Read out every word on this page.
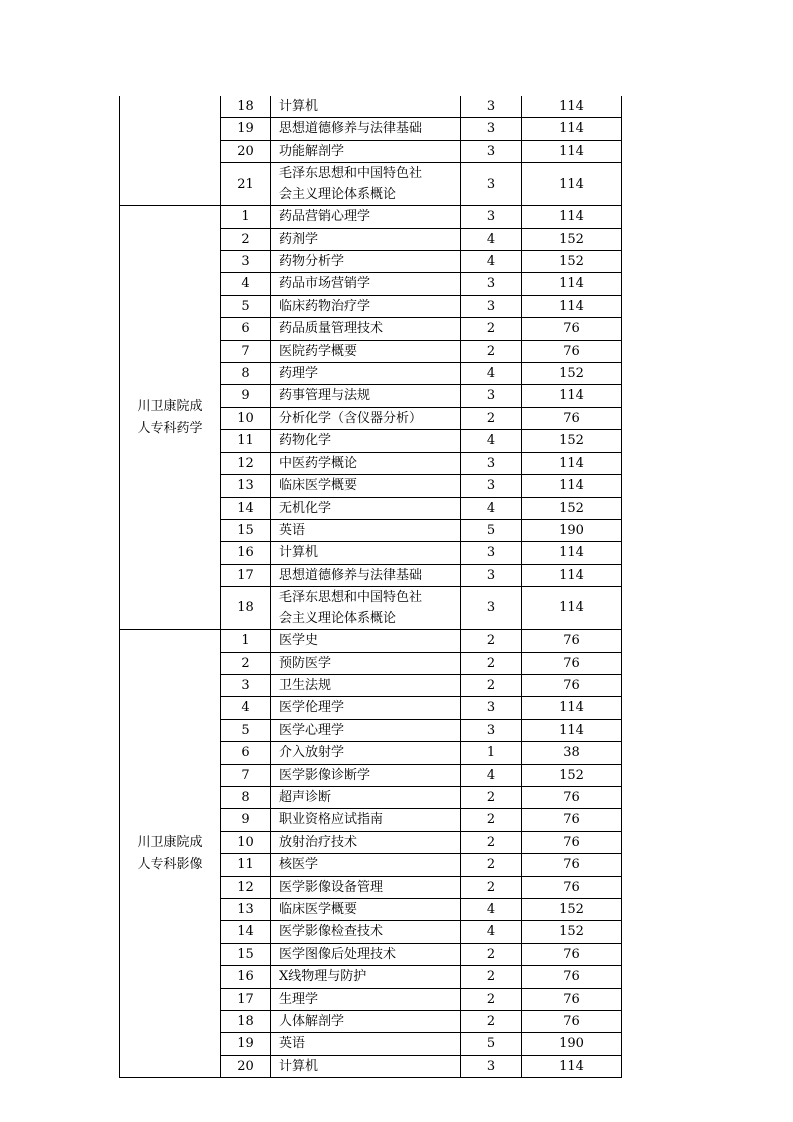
	18	计算机	3	114
	19	思想道德修养与法律基础	3	114
	20	功能解剖学	3	114
	21	毛泽东思想和中国特色社
会主义理论体系概论	3	114
川卫康院成
人专科药学	1	药品营销心理学	3	114
	2	药剂学	4	152
	3	药物分析学	4	152
	4	药品市场营销学	3	114
	5	临床药物治疗学	3	114
	6	药品质量管理技术	2	76
	7	医院药学概要	2	76
	8	药理学	4	152
	9	药事管理与法规	3	114
	10	分析化学（含仪器分析）	2	76
	11	药物化学	4	152
	12	中医药学概论	3	114
	13	临床医学概要	3	114
	14	无机化学	4	152
	15	英语	5	190
	16	计算机	3	114
	17	思想道德修养与法律基础	3	114
	18	毛泽东思想和中国特色社
会主义理论体系概论	3	114
川卫康院成
人专科影像	1	医学史	2	76
	2	预防医学	2	76
	3	卫生法规	2	76
	4	医学伦理学	3	114
	5	医学心理学	3	114
	6	介入放射学	1	38
	7	医学影像诊断学	4	152
	8	超声诊断	2	76
	9	职业资格应试指南	2	76
	10	放射治疗技术	2	76
	11	核医学	2	76
	12	医学影像设备管理	2	76
	13	临床医学概要	4	152
	14	医学影像检查技术	4	152
	15	医学图像后处理技术	2	76
	16	X线物理与防护	2	76
	17	生理学	2	76
	18	人体解剖学	2	76
	19	英语	5	190
	20	计算机	3	114
